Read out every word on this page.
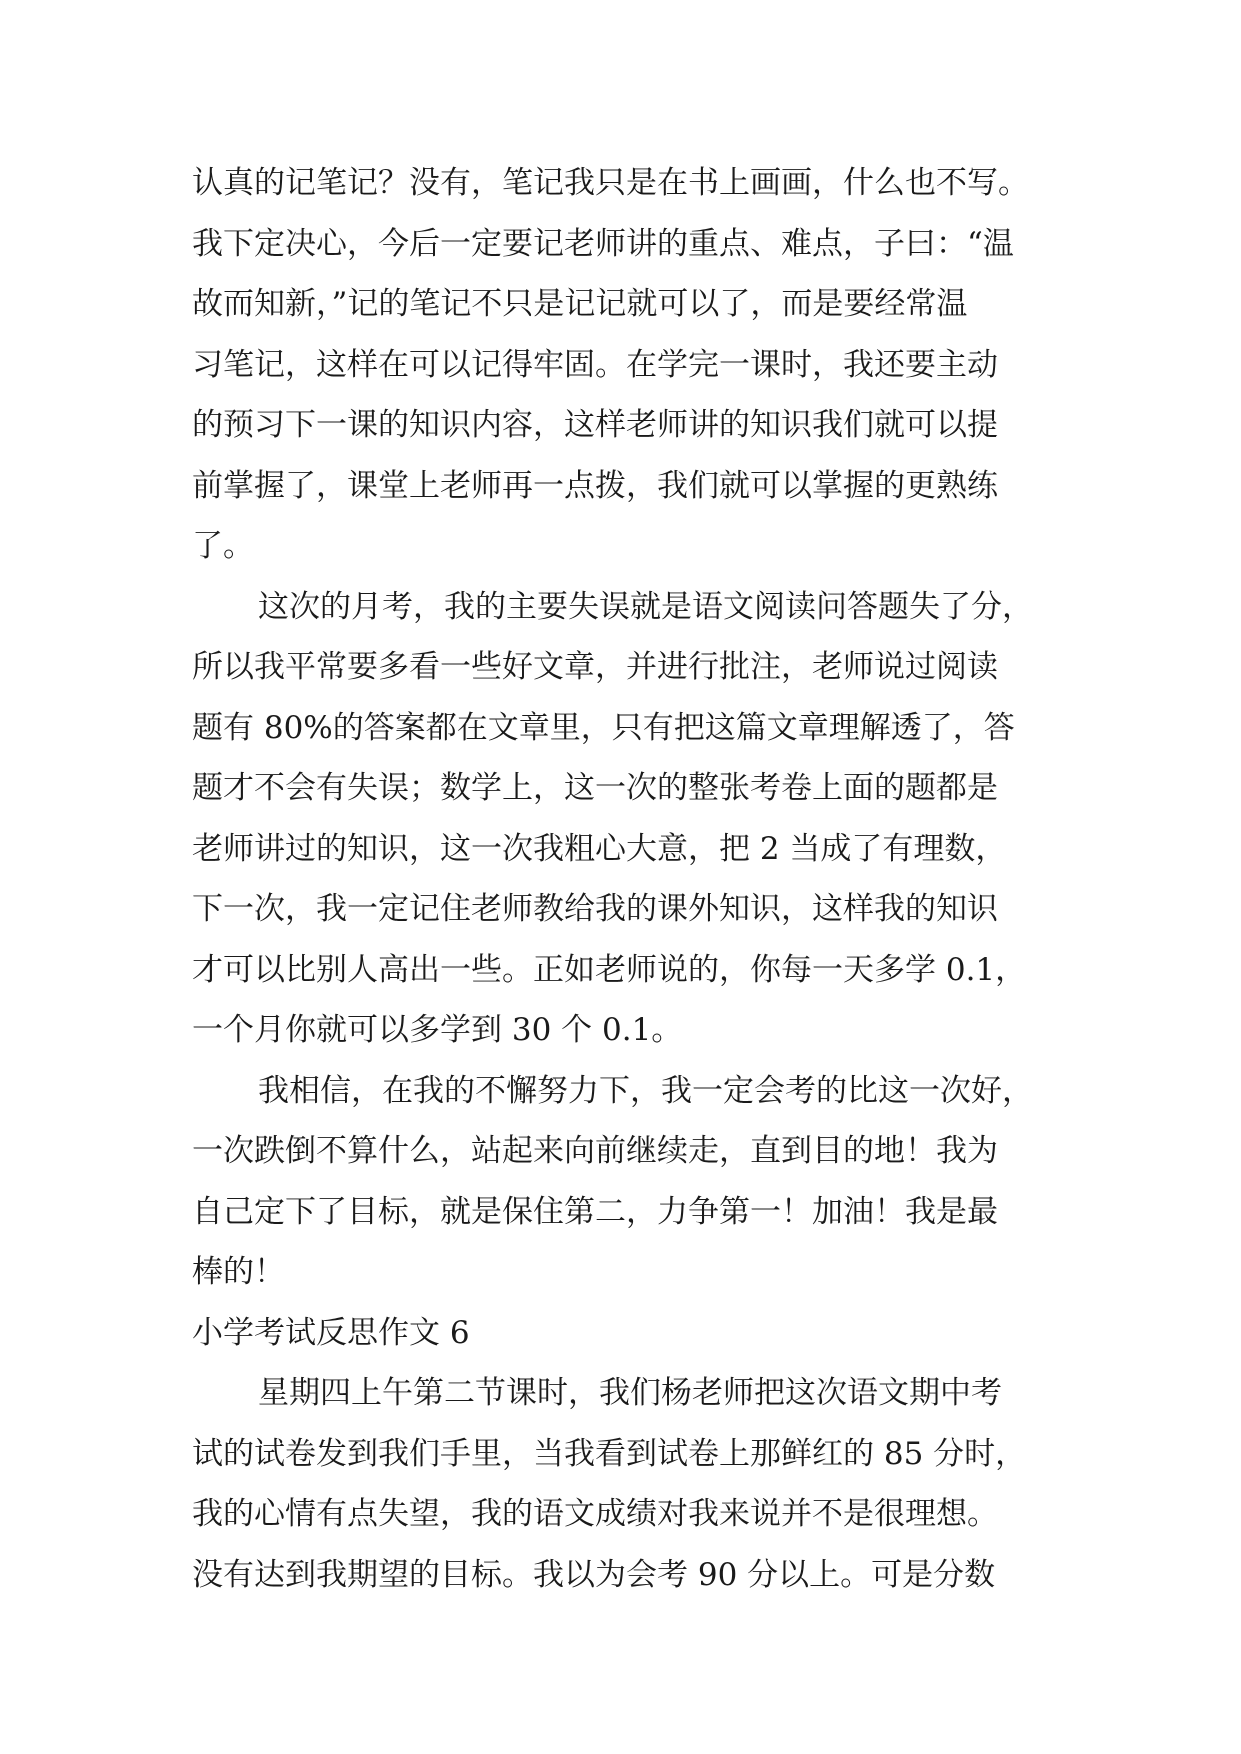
认真的记笔记？没有，笔记我只是在书上画画，什么也不写。
我下定决心，今后一定要记老师讲的重点、难点，子曰：“温
故而知新，”记的笔记不只是记记就可以了，而是要经常温
习笔记，这样在可以记得牢固。在学完一课时，我还要主动
的预习下一课的知识内容，这样老师讲的知识我们就可以提
前掌握了，课堂上老师再一点拨，我们就可以掌握的更熟练
了。
这次的月考，我的主要失误就是语文阅读问答题失了分，
所以我平常要多看一些好文章，并进行批注，老师说过阅读
题有 80%的答案都在文章里，只有把这篇文章理解透了，答
题才不会有失误；数学上，这一次的整张考卷上面的题都是
老师讲过的知识，这一次我粗心大意，把 2 当成了有理数，
下一次，我一定记住老师教给我的课外知识，这样我的知识
才可以比别人高出一些。正如老师说的，你每一天多学 0.1，
一个月你就可以多学到 30 个 0.1。
我相信，在我的不懈努力下，我一定会考的比这一次好，
一次跌倒不算什么，站起来向前继续走，直到目的地！我为
自己定下了目标，就是保住第二，力争第一！加油！我是最
棒的！
小学考试反思作文 6
星期四上午第二节课时，我们杨老师把这次语文期中考
试的试卷发到我们手里，当我看到试卷上那鲜红的 85 分时，
我的心情有点失望，我的语文成绩对我来说并不是很理想。
没有达到我期望的目标。我以为会考 90 分以上。可是分数
